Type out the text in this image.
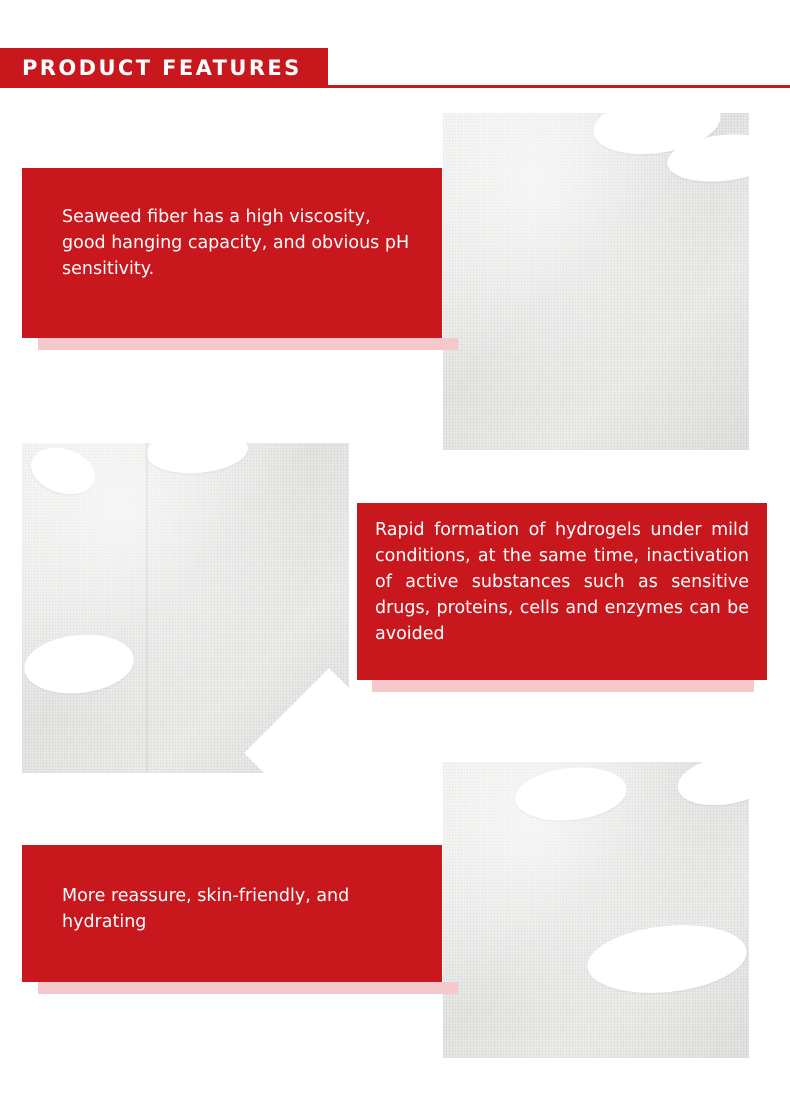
PRODUCT FEATURES
Seaweed fiber has a high viscosity, good hanging capacity, and obvious pH sensitivity.
Rapid formation of hydrogels under mild conditions, at the same time, inactivation of active substances such as sensitive drugs, proteins, cells and enzymes can be avoided
More reassure, skin-friendly, and hydrating
